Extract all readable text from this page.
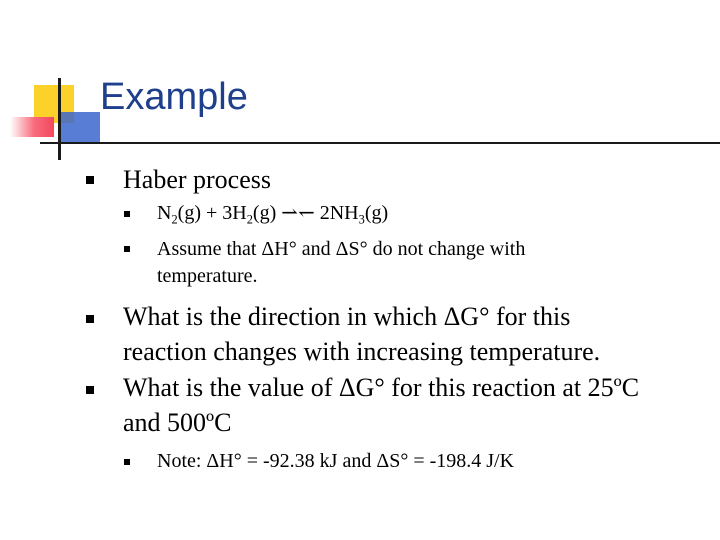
Example

Haber process

$N_2(g) + 3H_2(g)$ ⇀↽ $2NH_3(g)$

Assume that ΔH° and ΔS° do not change with

temperature.

What is the direction in which ΔG° for this

reaction changes with increasing temperature.

What is the value of ΔG° for this reaction at 25ºC

and 500ºC

Note: ΔH° = -92.38 kJ and ΔS° = -198.4 J/K
